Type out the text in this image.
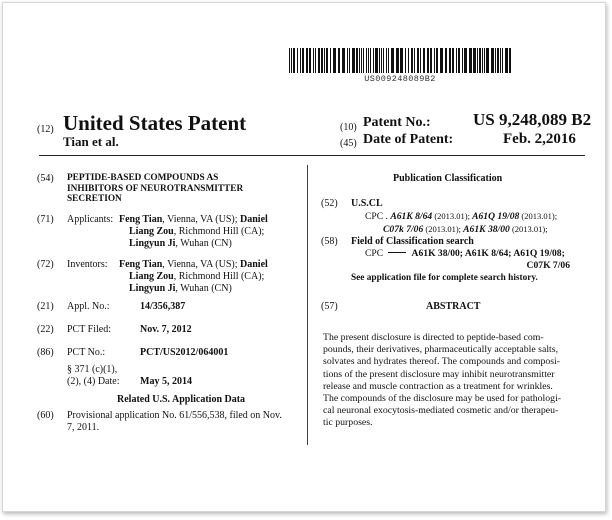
US009248089B2
(12) United States Patent
Tian et al.
(10) Patent No.: US 9,248,089 B2
(45) Date of Patent:	Feb. 2,2016
(54) PEPTIDE-BASED COMPOUNDS AS
INHIBITORS OF NEUROTRANSMITTER
SECRETION
(71) Applicants: Feng Tian, Vienna, VA (US); Daniel
Liang Zou, Richmond Hill (CA);
Lingyun Ji, Wuhan (CN)
(72) Inventors: Feng Tian, Vienna, VA (US); Daniel
Liang Zou, Richmond Hill (CA);
Lingyun Ji, Wuhan (CN)
(21) Appl. No.:	14/356,387
(22) PCT Filed:	Nov. 7, 2012
(86) PCT No.:	PCT/US2012/064001
§ 371 (c)(1),
(2), (4) Date: May 5, 2014
Related U.S. Application Data
(60) Provisional application No. 61/556,538, filed on Nov.
7, 2011.
Publication Classification
(52) U.S.CL
CPC . A61K 8/64 (2013.01); A61Q 19/08 (2013.01);
C07k 7/06 (2013.01); A61K 38/00 (2013.01);
(58) Field of Classification search
CPC	A61K 38/00; A61K 8/64; A61Q 19/08;
C07K 7/06
See application file for complete search history.
(57)	ABSTRACT
The present disclosure is directed to peptide-based com-
pounds, their derivatives, pharmaceutically acceptable salts,
solvates and hydrates thereof. The compounds and composi-
tions of the present disclosure may inhibit neurotransmitter
release and muscle contraction as a treatment for wrinkles.
The compounds of the disclosure may be used for pathologi-
cal neuronal exocytosis-mediated cosmetic and/or therapeu-
tic purposes.
